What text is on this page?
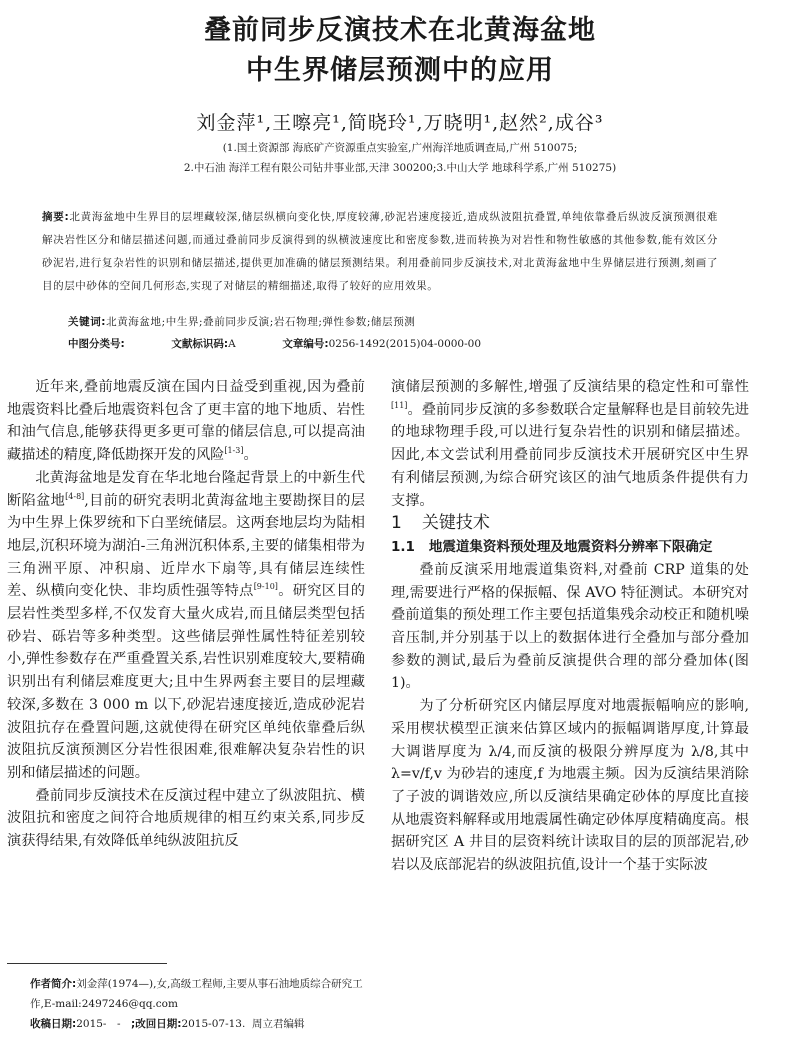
叠前同步反演技术在北黄海盆地
中生界储层预测中的应用
刘金萍¹,王嚓亮¹,简晓玲¹,万晓明¹,赵然²,成谷³
(1.国土资源部 海底矿产资源重点实验室,广州海洋地质调查局,广州 510075;
2.中石油 海洋工程有限公司钻井事业部,天津 300200;3.中山大学 地球科学系,广州 510275)
摘要:北黄海盆地中生界目的层埋藏较深,储层纵横向变化快,厚度较薄,砂泥岩速度接近,造成纵波阻抗叠置,单纯依靠叠后纵波反演预测很难解决岩性区分和储层描述问题,而通过叠前同步反演得到的纵横波速度比和密度参数,进而转换为对岩性和物性敏感的其他参数,能有效区分砂泥岩,进行复杂岩性的识别和储层描述,提供更加准确的储层预测结果。利用叠前同步反演技术,对北黄海盆地中生界储层进行预测,刻画了目的层中砂体的空间几何形态,实现了对储层的精细描述,取得了较好的应用效果。
关键词:北黄海盆地;中生界;叠前同步反演;岩石物理;弹性参数;储层预测
中图分类号:	文献标识码:A	文章编号:0256-1492(2015)04-0000-00

近年来,叠前地震反演在国内日益受到重视,因为叠前地震资料比叠后地震资料包含了更丰富的地下地质、岩性和油气信息,能够获得更多更可靠的储层信息,可以提高油藏描述的精度,降低勘探开发的风险[1-3]。

北黄海盆地是发育在华北地台隆起背景上的中新生代断陷盆地[4-8],目前的研究表明北黄海盆地主要勘探目的层为中生界上侏罗统和下白垩统储层。这两套地层均为陆相地层,沉积环境为湖泊-三角洲沉积体系,主要的储集相带为三角洲平原、冲积扇、近岸水下扇等,具有储层连续性差、纵横向变化快、非均质性强等特点[9-10]。研究区目的层岩性类型多样,不仅发育大量火成岩,而且储层类型包括砂岩、砾岩等多种类型。这些储层弹性属性特征差别较小,弹性参数存在严重叠置关系,岩性识别难度较大,要精确识别出有利储层难度更大;且中生界两套主要目的层埋藏较深,多数在 3 000 m 以下,砂泥岩速度接近,造成砂泥岩波阻抗存在叠置问题,这就使得在研究区单纯依靠叠后纵波阻抗反演预测区分岩性很困难,很难解决复杂岩性的识别和储层描述的问题。

叠前同步反演技术在反演过程中建立了纵波阻抗、横波阻抗和密度之间符合地质规律的相互约束关系,同步反演获得结果,有效降低单纯纵波阻抗反

演储层预测的多解性,增强了反演结果的稳定性和可靠性[11]。叠前同步反演的多参数联合定量解释也是目前较先进的地球物理手段,可以进行复杂岩性的识别和储层描述。因此,本文尝试利用叠前同步反演技术开展研究区中生界有利储层预测,为综合研究该区的油气地质条件提供有力支撑。

1 关键技术

1.1 地震道集资料预处理及地震资料分辨率下限确定

叠前反演采用地震道集资料,对叠前 CRP 道集的处理,需要进行严格的保振幅、保 AVO 特征测试。本研究对叠前道集的预处理工作主要包括道集残余动校正和随机噪音压制,并分别基于以上的数据体进行全叠加与部分叠加参数的测试,最后为叠前反演提供合理的部分叠加体(图 1)。

为了分析研究区内储层厚度对地震振幅响应的影响,采用楔状模型正演来估算区域内的振幅调谐厚度,计算最大调谐厚度为 λ/4,而反演的极限分辨厚度为 λ/8,其中 λ=v/f,v 为砂岩的速度,f 为地震主频。因为反演结果消除了子波的调谐效应,所以反演结果确定砂体的厚度比直接从地震资料解释或用地震属性确定砂体厚度精确度高。根据研究区 A 井目的层资料统计读取目的层的顶部泥岩,砂岩以及底部泥岩的纵波阻抗值,设计一个基于实际波

作者简介:刘金萍(1974—),女,高级工程师,主要从事石油地质综合研究工作,E-mail:2497246@qq.com
收稿日期:2015-　-　;改回日期:2015-07-13. 周立君编辑
